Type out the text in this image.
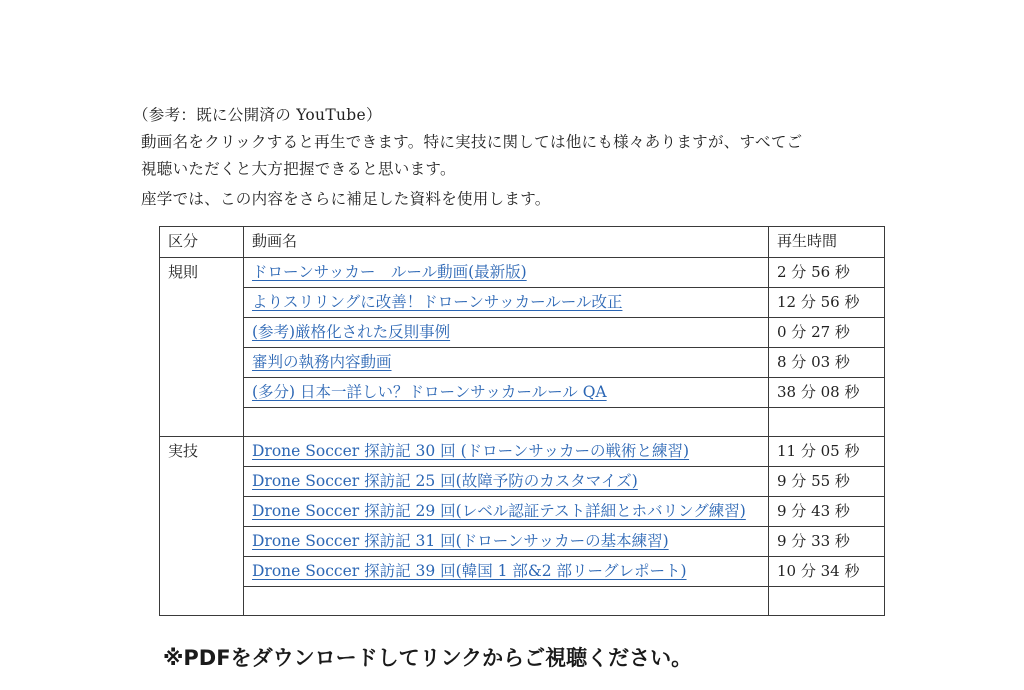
（参考：既に公開済の YouTube）
動画名をクリックすると再生できます。特に実技に関しては他にも様々ありますが、すべてご
視聴いただくと大方把握できると思います。
座学では、この内容をさらに補足した資料を使用します。
区分	動画名	再生時間
規則	ドローンサッカー　ルール動画(最新版)	2 分 56 秒
	よりスリリングに改善！ドローンサッカールール改正	12 分 56 秒
	(参考)厳格化された反則事例	0 分 27 秒
	審判の執務内容動画	8 分 03 秒
	(多分) 日本一詳しい？ドローンサッカールール QA	38 分 08 秒

実技	Drone Soccer 探訪記 30 回 (ドローンサッカーの戦術と練習)	11 分 05 秒
	Drone Soccer 探訪記 25 回(故障予防のカスタマイズ)	9 分 55 秒
	Drone Soccer 探訪記 29 回(レベル認証テスト詳細とホバリング練習)	9 分 43 秒
	Drone Soccer 探訪記 31 回(ドローンサッカーの基本練習)	9 分 33 秒
	Drone Soccer 探訪記 39 回(韓国 1 部&2 部リーグレポート)	10 分 34 秒

※PDFをダウンロードしてリンクからご視聴ください。
